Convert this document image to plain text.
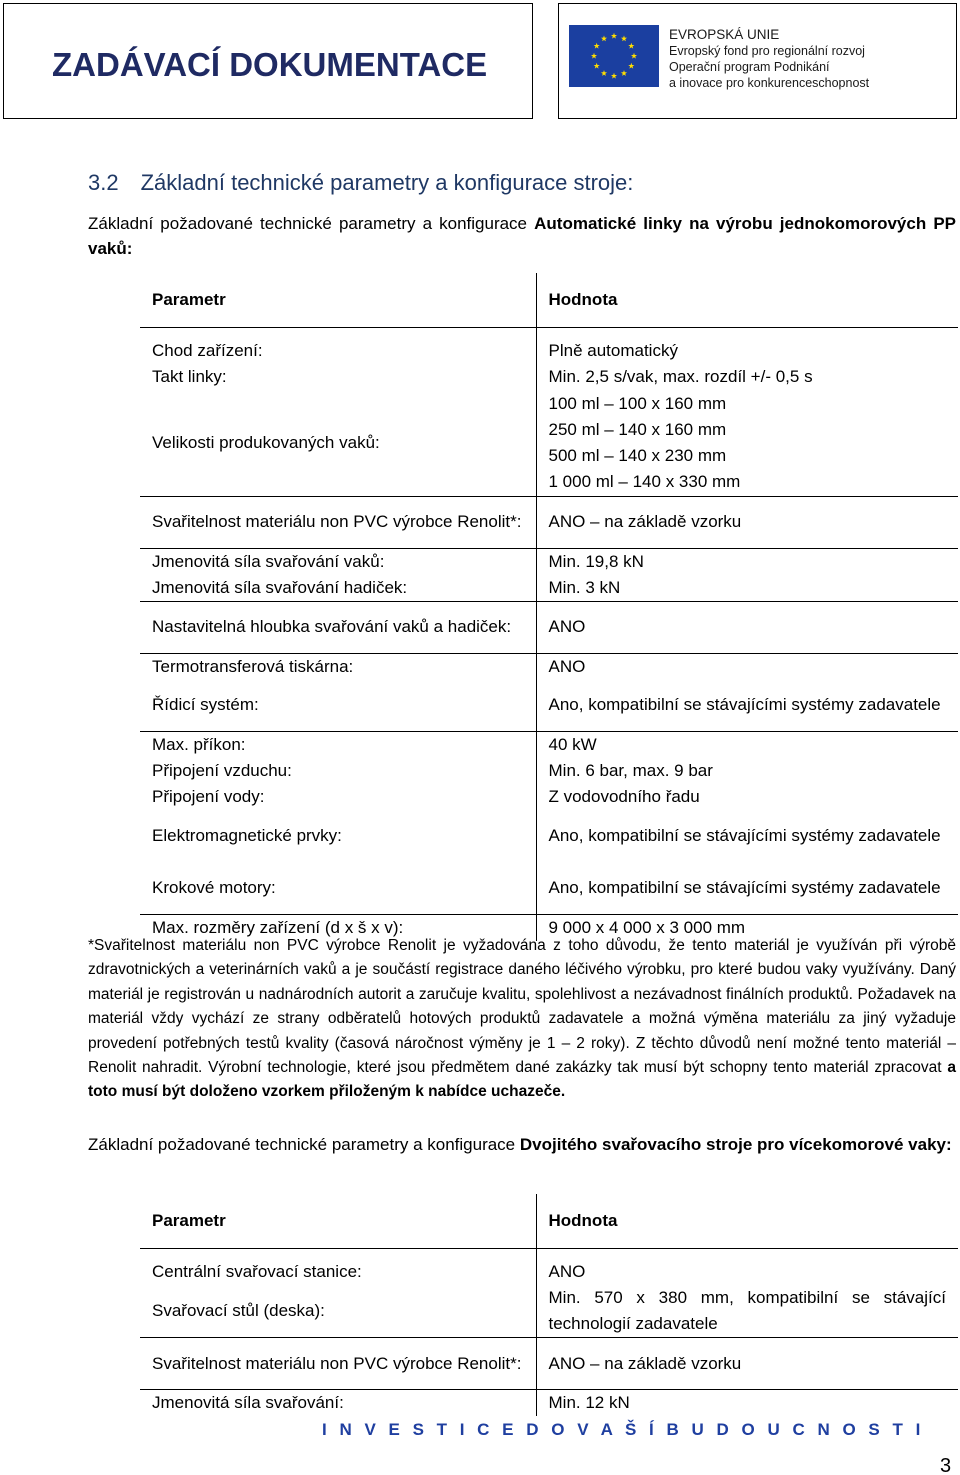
ZADÁVACÍ DOKUMENTACE
EVROPSKÁ UNIE
Evropský fond pro regionální rozvoj
Operační program Podnikání
a inovace pro konkurenceschopnost
3.2 Základní technické parametry a konfigurace stroje:
Základní požadované technické parametry a konfigurace Automatické linky na výrobu jednokomorových PP vaků:
Parametr	Hodnota
Chod zařízení:	Plně automatický
Takt linky:	Min. 2,5 s/vak, max. rozdíl +/- 0,5 s
Velikosti produkovaných vaků:	100 ml – 100 x 160 mm
250 ml – 140 x 160 mm
500 ml – 140 x 230 mm
1 000 ml – 140 x 330 mm

Svařitelnost materiálu non PVC výrobce Renolit*:	ANO – na základě vzorku
Jmenovitá síla svařování vaků:	Min. 19,8 kN
Jmenovitá síla svařování hadiček:	Min. 3 kN
Nastavitelná hloubka svařování vaků a hadiček:	ANO
Termotransferová tiskárna:	ANO
Řídicí systém:	Ano, kompatibilní se stávajícími systémy zadavatele
Max. příkon:	40 kW
Připojení vzduchu:	Min. 6 bar, max. 9 bar
Připojení vody:	Z vodovodního řadu
Elektromagnetické prvky:	Ano, kompatibilní se stávajícími systémy zadavatele
Krokové motory:	Ano, kompatibilní se stávajícími systémy zadavatele
Max. rozměry zařízení (d x š x v):	9 000 x 4 000 x 3 000 mm
*Svařitelnost materiálu non PVC výrobce Renolit je vyžadována z toho důvodu, že tento materiál je využíván při výrobě zdravotnických a veterinárních vaků a je součástí registrace daného léčivého výrobku, pro které budou vaky využívány. Daný materiál je registrován u nadnárodních autorit a zaručuje kvalitu, spolehlivost a nezávadnost finálních produktů. Požadavek na materiál vždy vychází ze strany odběratelů hotových produktů zadavatele a možná výměna materiálu za jiný vyžaduje provedení potřebných testů kvality (časová náročnost výměny je 1 – 2 roky). Z těchto důvodů není možné tento materiál – Renolit nahradit. Výrobní technologie, které jsou předmětem dané zakázky tak musí být schopny tento materiál zpracovat a toto musí být doloženo vzorkem přiloženým k nabídce uchazeče.
Základní požadované technické parametry a konfigurace Dvojitého svařovacího stroje pro vícekomorové vaky:
Parametr	Hodnota
Centrální svařovací stanice:	ANO
Svařovací stůl (deska):	Min. 570 x 380 mm, kompatibilní se stávající technologií zadavatele
Svařitelnost materiálu non PVC výrobce Renolit*:	ANO – na základě vzorku
Jmenovitá síla svařování:	Min. 12 kN
I N V E S T I C E D O V A Š Í B U D O U C N O S T I
3
